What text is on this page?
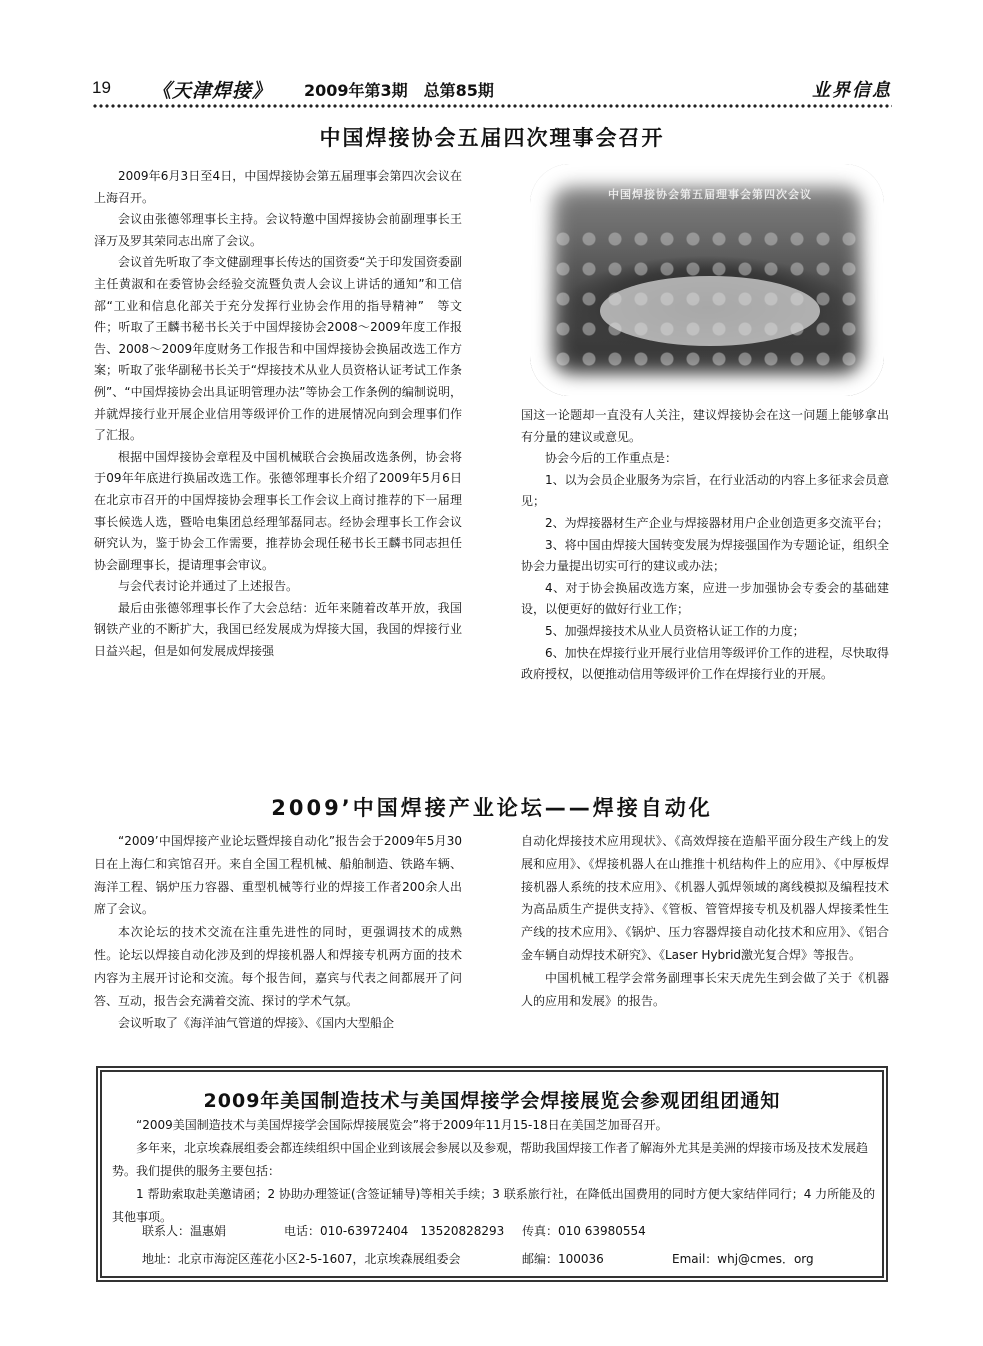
19 《天津焊接》 2009年第3期　总第85期	业界信息
中国焊接协会五届四次理事会召开

2009年6月3日至4日，中国焊接协会第五届理事会第四次会议在上海召开。

会议由张德邻理事长主持。会议特邀中国焊接协会前副理事长王泽万及罗其荣同志出席了会议。

会议首先听取了李文健副理事长传达的国资委“关于印发国资委副主任黄淑和在委管协会经验交流暨负责人会议上讲话的通知”和工信部“工业和信息化部关于充分发挥行业协会作用的指导精神”　等文件；听取了王麟书秘书长关于中国焊接协会2008～2009年度工作报告、2008～2009年度财务工作报告和中国焊接协会换届改选工作方案；听取了张华副秘书长关于“焊接技术从业人员资格认证考试工作条例”、“中国焊接协会出具证明管理办法”等协会工作条例的编制说明，并就焊接行业开展企业信用等级评价工作的进展情况向到会理事们作了汇报。

根据中国焊接协会章程及中国机械联合会换届改选条例，协会将于09年年底进行换届改选工作。张德邻理事长介绍了2009年5月6日在北京市召开的中国焊接协会理事长工作会议上商讨推荐的下一届理事长候选人选，暨哈电集团总经理邹磊同志。经协会理事长工作会议研究认为，鉴于协会工作需要，推荐协会现任秘书长王麟书同志担任协会副理事长，提请理事会审议。

与会代表讨论并通过了上述报告。

最后由张德邻理事长作了大会总结：近年来随着改革开放，我国钢铁产业的不断扩大，我国已经发展成为焊接大国，我国的焊接行业日益兴起，但是如何发展成焊接强

中国焊接协会第五届理事会第四次会议
国这一论题却一直没有人关注，建议焊接协会在这一问题上能够拿出有分量的建议或意见。

协会今后的工作重点是：

1、以为会员企业服务为宗旨，在行业活动的内容上多征求会员意见；

2、为焊接器材生产企业与焊接器材用户企业创造更多交流平台；

3、将中国由焊接大国转变发展为焊接强国作为专题论证，组织全协会力量提出切实可行的建议或办法；

4、对于协会换届改选方案，应进一步加强协会专委会的基础建设，以便更好的做好行业工作；

5、加强焊接技术从业人员资格认证工作的力度；

6、加快在焊接行业开展行业信用等级评价工作的进程，尽快取得政府授权，以便推动信用等级评价工作在焊接行业的开展。

2009’中国焊接产业论坛——焊接自动化

“2009’中国焊接产业论坛暨焊接自动化”报告会于2009年5月30日在上海仁和宾馆召开。来自全国工程机械、船舶制造、铁路车辆、海洋工程、锅炉压力容器、重型机械等行业的焊接工作者200余人出席了会议。

本次论坛的技术交流在注重先进性的同时，更强调技术的成熟性。论坛以焊接自动化涉及到的焊接机器人和焊接专机两方面的技术内容为主展开讨论和交流。每个报告间，嘉宾与代表之间都展开了问答、互动，报告会充满着交流、探讨的学术气氛。

会议听取了《海洋油气管道的焊接》、《国内大型船企

自动化焊接技术应用现状》、《高效焊接在造船平面分段生产线上的发展和应用》、《焊接机器人在山推推十机结构件上的应用》、《中厚板焊接机器人系统的技术应用》、《机器人弧焊领域的离线模拟及编程技术为高品质生产提供支持》、《管板、管管焊接专机及机器人焊接柔性生产线的技术应用》、《锅炉、压力容器焊接自动化技术和应用》、《铝合金车辆自动焊技术研究》、《Laser Hybrid激光复合焊》等报告。

中国机械工程学会常务副理事长宋天虎先生到会做了关于《机器人的应用和发展》的报告。

2009年美国制造技术与美国焊接学会焊接展览会参观团组团通知

“2009美国制造技术与美国焊接学会国际焊接展览会”将于2009年11月15-18日在美国芝加哥召开。

多年来，北京埃森展组委会都连续组织中国企业到该展会参展以及参观，帮助我国焊接工作者了解海外尤其是美洲的焊接市场及技术发展趋势。我们提供的服务主要包括：

1 帮助索取赴美邀请函；2 协助办理签证(含签证辅导)等相关手续；3 联系旅行社，在降低出国费用的同时方便大家结伴同行；4 力所能及的其他事项。

联系人：温惠娟	电话：010-63972404　13520828293 传真：010 63980554
地址：北京市海淀区莲花小区2-5-1607，北京埃森展组委会	邮编：100036	Email：whj@cmes．org
